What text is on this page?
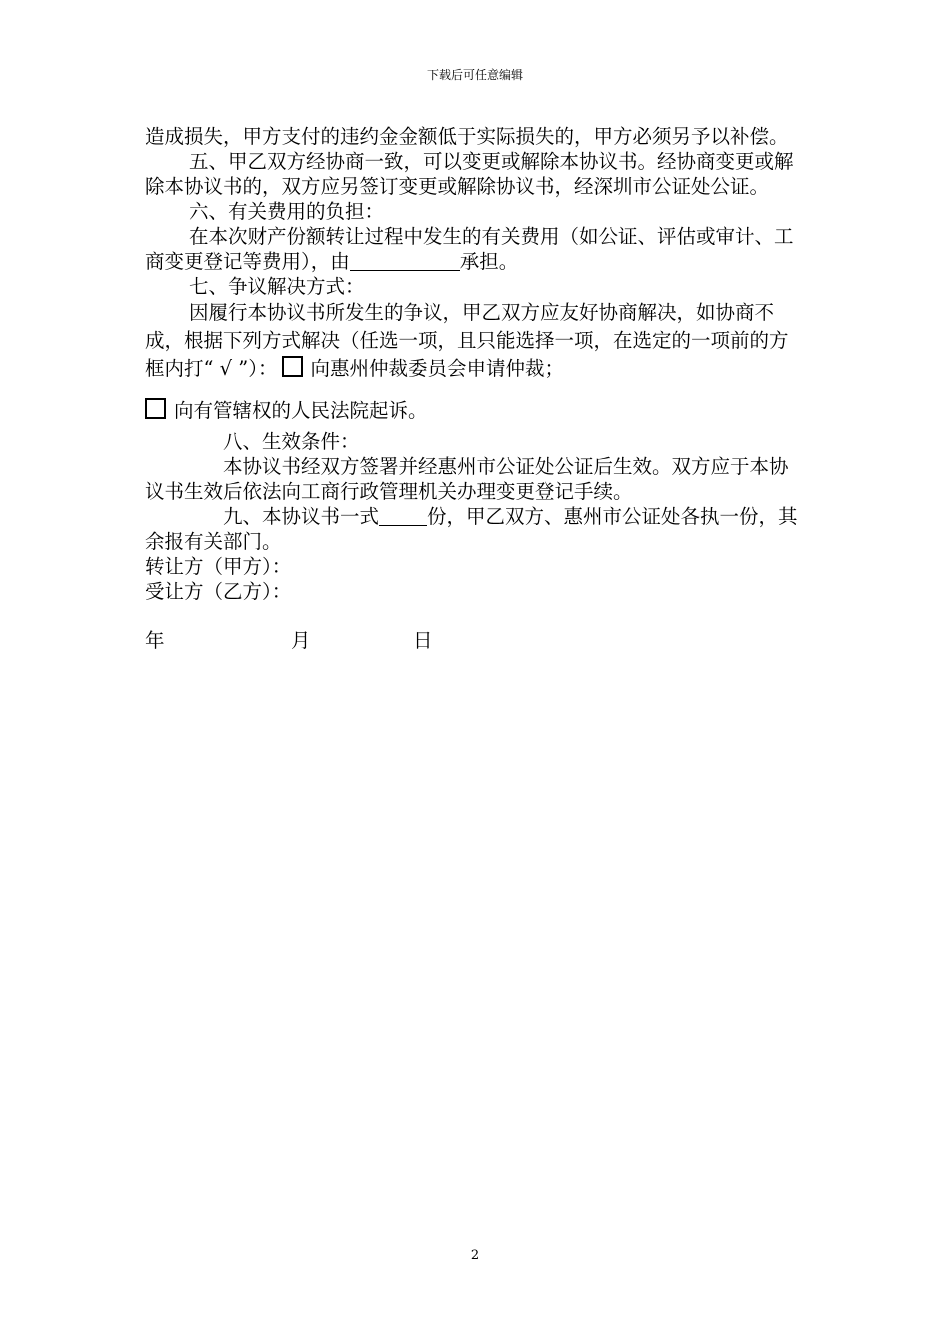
下载后可任意编辑

造成损失，甲方支付的违约金金额低于实际损失的，甲方必须另予以补偿。

五、甲乙双方经协商一致，可以变更或解除本协议书。经协商变更或解除本协议书的，双方应另签订变更或解除协议书，经深圳市公证处公证。

六、有关费用的负担：

在本次财产份额转让过程中发生的有关费用（如公证、评估或审计、工商变更登记等费用），由	承担。

七、争议解决方式：

因履行本协议书所发生的争议，甲乙双方应友好协商解决，如协商不成，根据下列方式解决（任选一项，且只能选择一项，在选定的一项前的方框内打“ √ ”）： 向惠州仲裁委员会申请仲裁；

向有管辖权的人民法院起诉。

八、生效条件：

本协议书经双方签署并经惠州市公证处公证后生效。双方应于本协议书生效后依法向工商行政管理机关办理变更登记手续。

九、本协议书一式 份，甲乙双方、惠州市公证处各执一份，其余报有关部门。

转让方（甲方）：

受让方（乙方）：

年	月	日

2
